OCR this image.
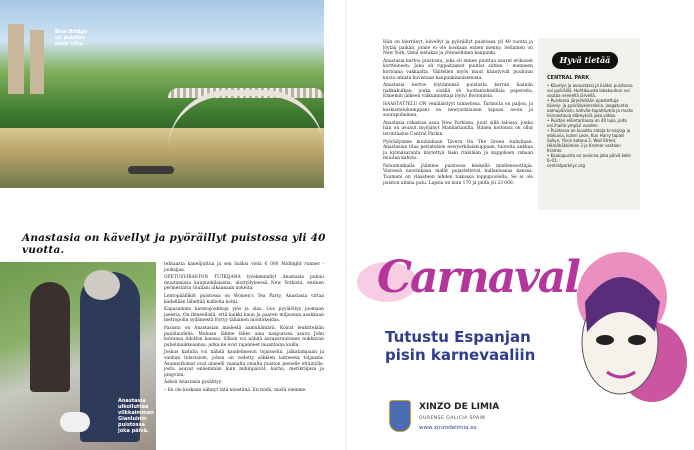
Bow Bridge on puiston pisin silta.
Anastasia on kävellyt ja pyöräillyt puistossa yli 40 vuotta.
Anastasia ulkoiluttaa vilkkaimman Gianluinin puistossa joka päivä.

tehtaasta kanelijuttua ja sen lisäksi vielä 6 000 Midnight runner -juoksijaa.

OPETUSVIRASTON TUTKIJANA työskennellyt Anastasia puhuu muutamissa kaupunkilaisena, ulottyilyteessä New Yorkista, entinen permestarin Giuliani alkaanaan nokeita.

Lentopäälliköt puistossa on Women's Tea Party, Anastasia virtaa kädellään lähettää kallioita kohti.

Kapasamme kaverajoukkoja ylös ja alas. Gus pyyälöityy juomaan jaeesta. On ihmeellistä, että kaikki kaun ja paaren miljoonan asukkaan metropolin sydämestä löytyy tällainen luontokeidas.

Parasta on Anastasian mielestä aamuhämärä. Koirat lenkittelään puolilaudella. Mukaan lähtee lähes aina naapurissa asuva John koiransa Adolfon kanssa. Silloin voi nähdä auransruutunen nukkuvan puhelinaikkeaansa, jotka ne ovat rajanneet lauantaina koillu.

Joskus kadulla voi nähdä kaudelmeson tojaisselin, jalkatampaan ja vanhan televisiom, johon on vedetty säkkien laitteesta toljaasta. Asunnottomat ovat alueelli vaanalta omalta puiston pienelle ettäinylle, josta asuvat ennemmän kuin mihinpäivät, karhu, merikriipisa ja pingviini.

Äskeä Anastasia pysähtyy.

– En ole koskaan nähnyt tätä miestänä. En tiedä, mistä olemme.

Hän on kierränyt, kävellyt ja pyöräillyt puistossa yli 40 vuotta ja löytää paikan, jonne ei ole koskaan ennen menny. Sellainen on New York, tämä sielukas ja yhteisöllinen kaupunki.

Anastasia kertoo puistosta, joka oli ennen puuttaa suuret erikoiset kortteineen. Joka oli rippaitaanat puutiat siitten – menneen kortoana vakkaalta. Välitellen myös muut kääntyivät puuhuun kuvia omista kuvistaan kaupunkimaisemista.

Anastasia kertoo löytämensä puistosta kerran kaaniin nahkakulkan, jonka sisällä oli luottamuksellisia papereita. Ennemin jälkeen valkumnottaja löytyi Bostonista.

HAASTATTELU ON venäläistyyt tunnelissa. Tarinoita on paljon, ja keskustelukumppani on newyorkilaisen tapaan avoin ja suorapuheinen.

Anastasia rakastaa asua New Yorkissa, juuri sillä talossa, jonka hän on asunut myöjänyt Manhattanilla. Hänen koitonsa on ollut leirintäalue Central Parkin.

Pyöräilymme kuuluukaan Tavern On The Green -kahvilaan. Anastasian tilaa perinteisen newyorkilaiskuppaan, tuoreita ankkaa ja kylmäsarunta käytettyä läski rinkilään ja kuppilisen rahaan muutaa kahvia.

Paluumatkalla jäämme puistossa keskellä miellenosottajia. Vieressä nuorinkaan mallit pojasteltevat kullanisanas kanssa. Tuomeni on yläasteen lehden tiukassa loppupuolella. Se ei ole puiston alinna pulu. Lapsia on noin 170 ja puita yli 23 000.

Hyvä tietää
CENTRAL PARK
• Kävelyn ja avaustaksi ja lisäksi puistossa voi pyöräillä. Huhtikuusta lokakuuhun voi soutaa veneellä järvellä.
• Puistossa järjestetään opastettuja kävely- ja pyöräilykierroksia, joogatuntia aamupäivisin, kahvila-tapahtumia ja muita kiinnostavia elämyksiä joka viikko.
• Puiston eläintarhassa on 40 lajia, joita voi ihailla ympäri vuoden.
• Puistossa on kuvattu satoja tv-sarjoja ja elokuvia, kuten Leon, Kun Harry tapasi Sallyn, Yksin kotona 2, Wall Street, Hämähäkkimies 3 ja Kramer vastaan Kramer.
• Kaukapuisto on avoinna joka päivä kello 6–01.
centralparknyc.org
Carnaval
Tutustu Espanjan
pisin karnevaaliin
XINZO DE LIMIA
OURENSE GALICIA SPAIN
www.xinzodelimia.es
